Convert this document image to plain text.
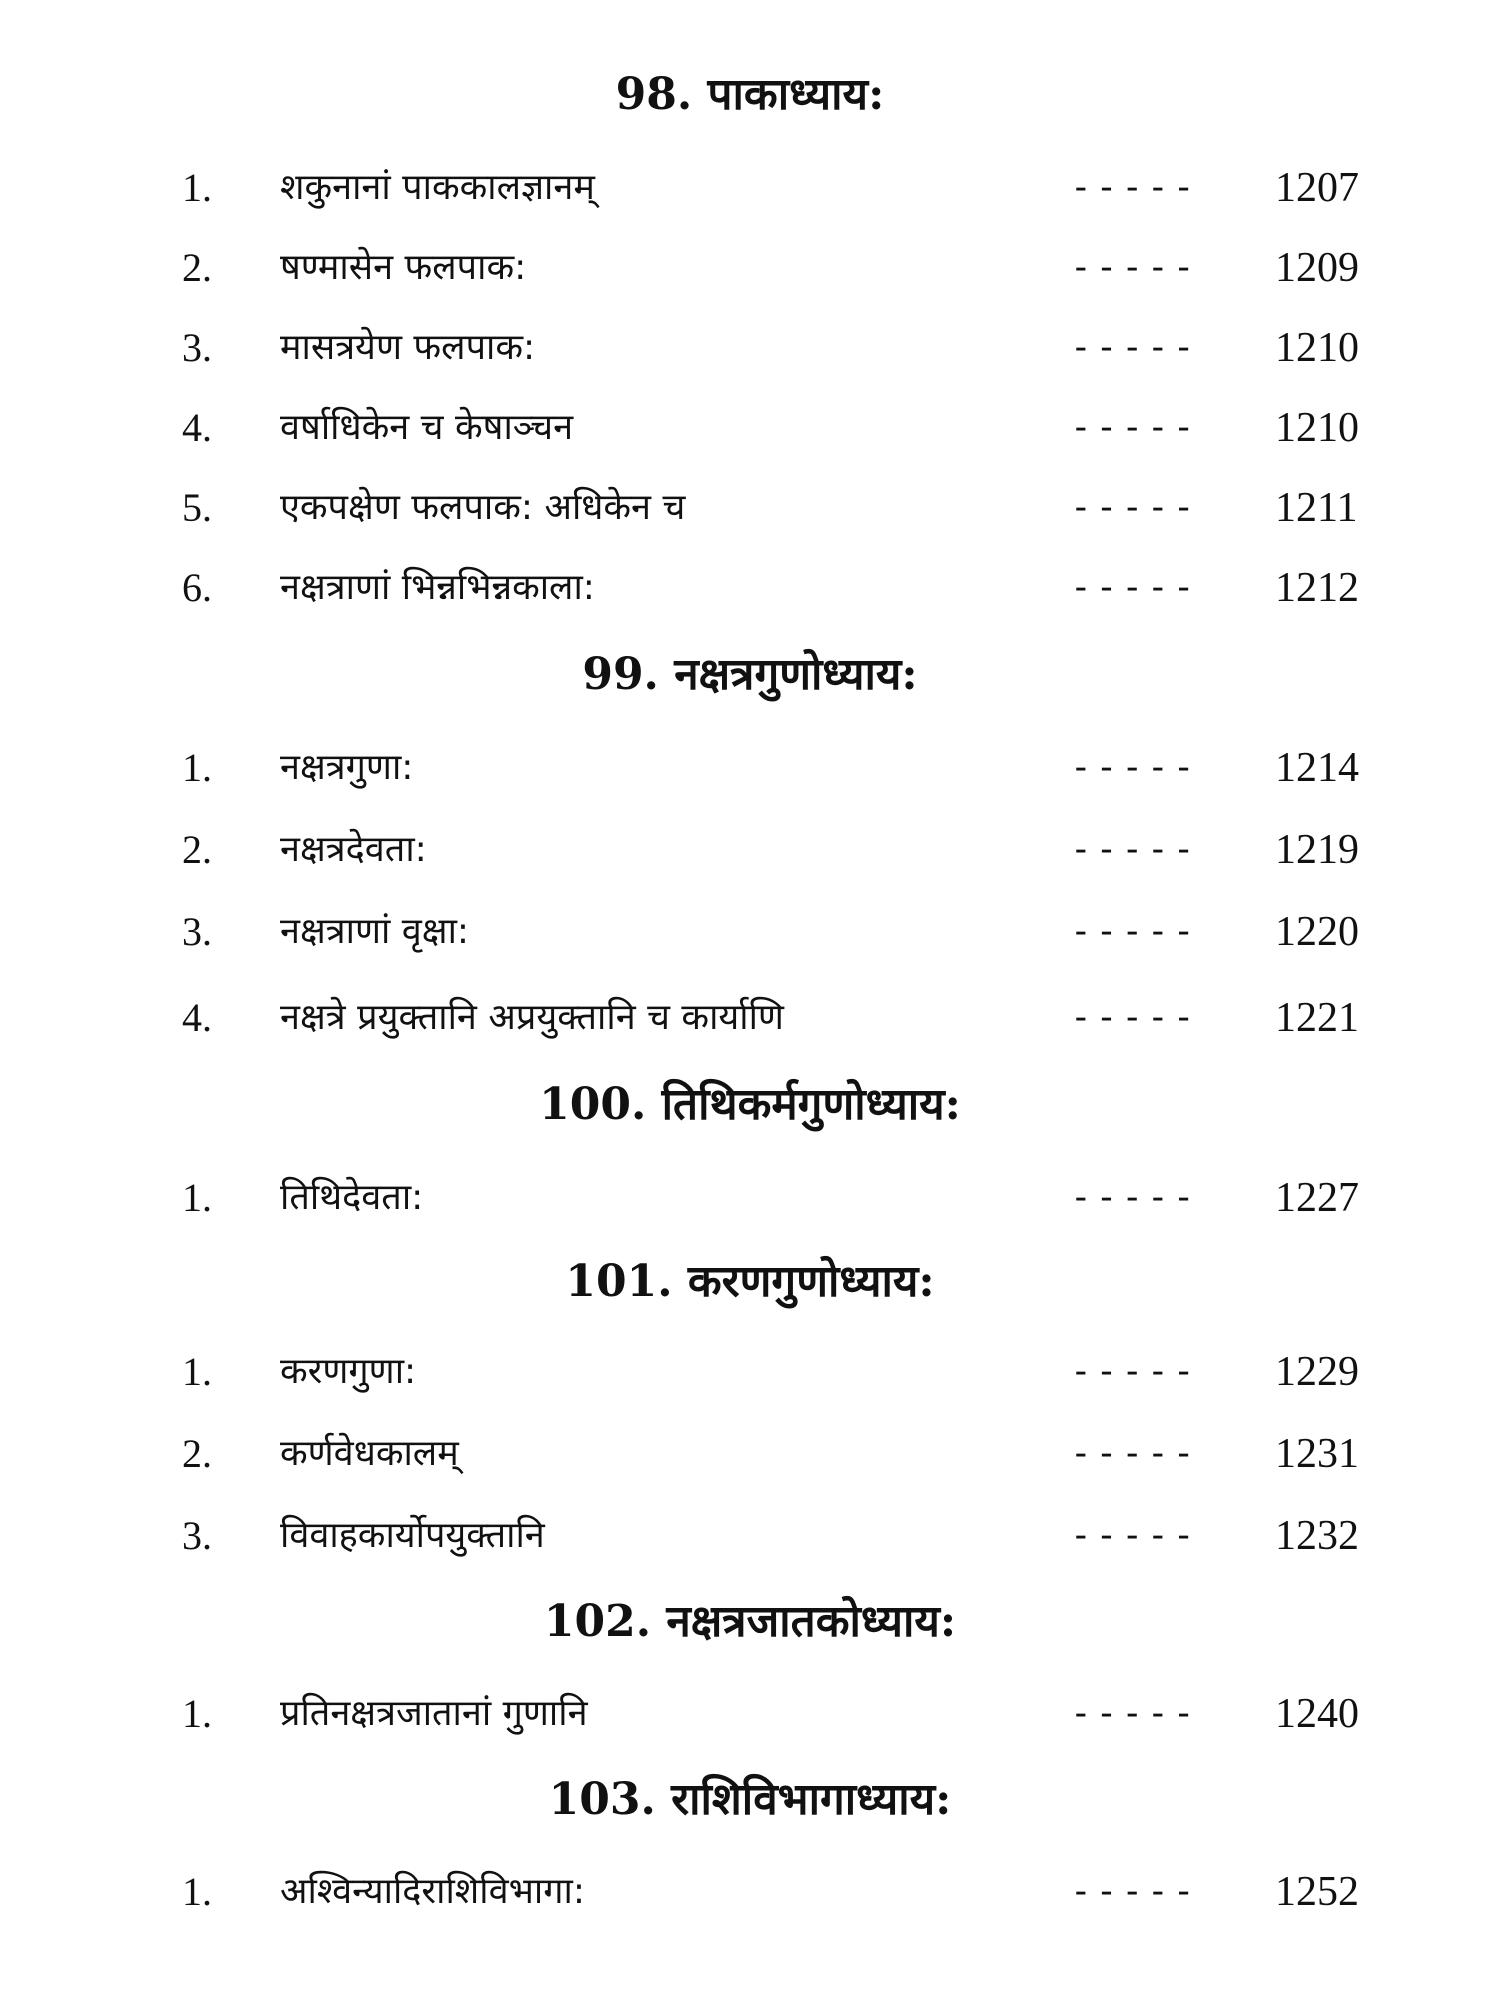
98. पाकाध्याय:
1. शकुनानां पाककालज्ञानम्	----- 1207
2. षण्मासेन फलपाक:	----- 1209
3. मासत्रयेण फलपाक:	----- 1210
4. वर्षाधिकेन च केषाञ्चन	----- 1210
5. एकपक्षेण फलपाक: अधिकेन च	----- 1211
6. नक्षत्राणां भिन्नभिन्नकाला:	----- 1212
99. नक्षत्रगुणोध्याय:
1. नक्षत्रगुणा:	----- 1214
2. नक्षत्रदेवता:	----- 1219
3. नक्षत्राणां वृक्षा:	----- 1220
4. नक्षत्रे प्रयुक्तानि अप्रयुक्तानि च कार्याणि	----- 1221
100. तिथिकर्मगुणोध्याय:
1. तिथिदेवता:	----- 1227
101. करणगुणोध्याय:
1. करणगुणा:	----- 1229
2. कर्णवेधकालम्	----- 1231
3. विवाहकार्योपयुक्तानि	----- 1232
102. नक्षत्रजातकोध्याय:
1. प्रतिनक्षत्रजातानां गुणानि	----- 1240
103. राशिविभागाध्याय:
1. अश्विन्यादिराशिविभागा:	----- 1252
